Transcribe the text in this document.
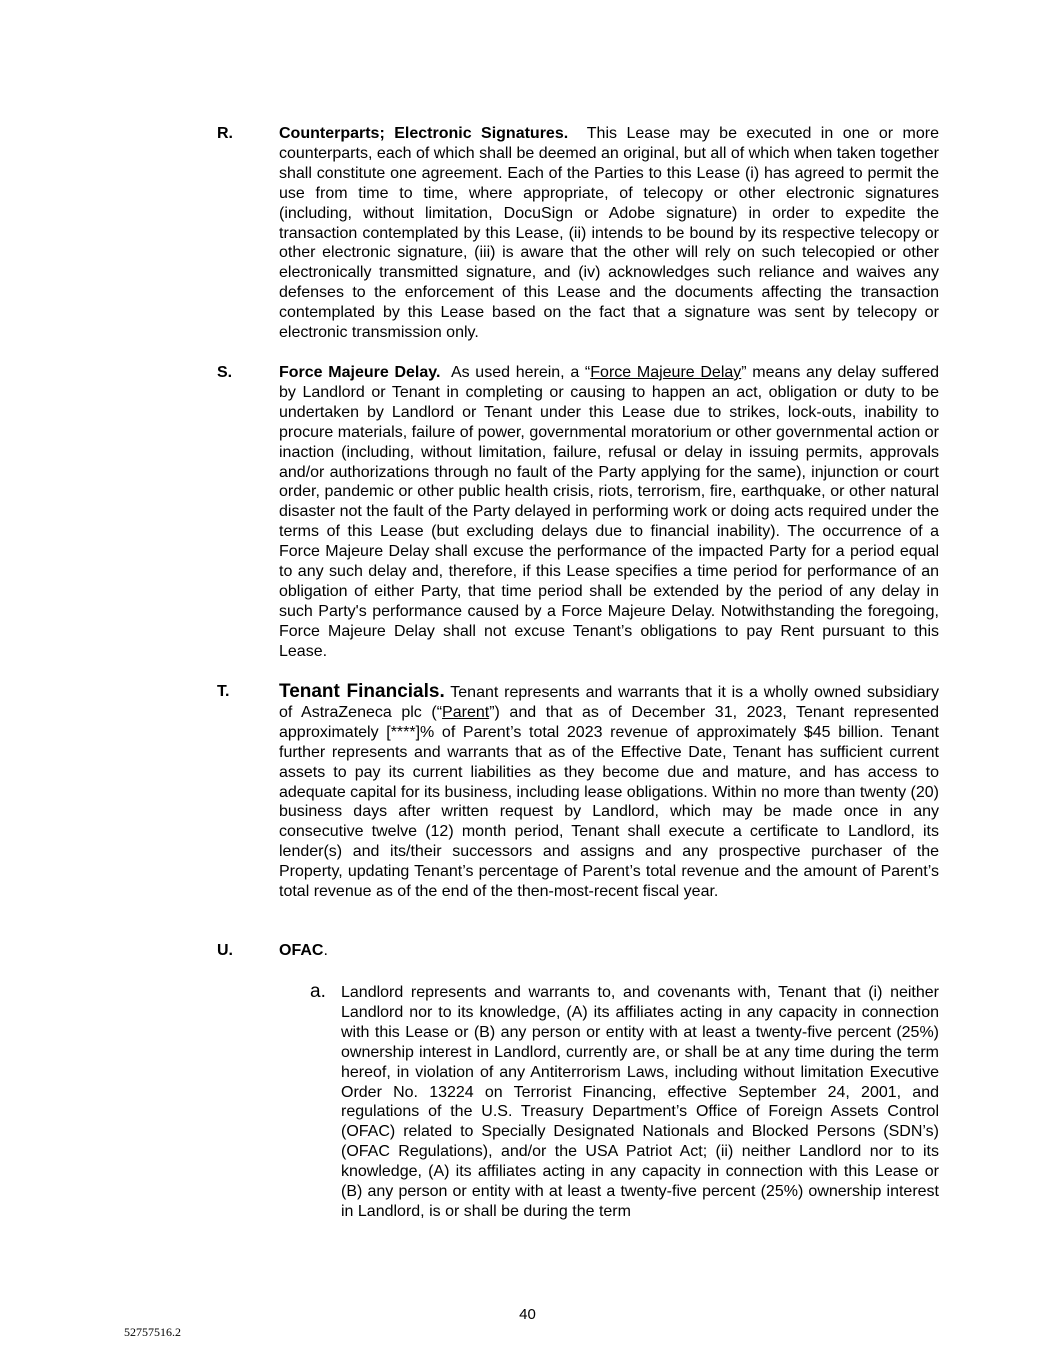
R.	Counterparts; Electronic Signatures. This Lease may be executed in one or more counterparts, each of which shall be deemed an original, but all of which when taken together shall constitute one agreement. Each of the Parties to this Lease (i) has agreed to permit the use from time to time, where appropriate, of telecopy or other electronic signatures (including, without limitation, DocuSign or Adobe signature) in order to expedite the transaction contemplated by this Lease, (ii) intends to be bound by its respective telecopy or other electronic signature, (iii) is aware that the other will rely on such telecopied or other electronically transmitted signature, and (iv) acknowledges such reliance and waives any defenses to the enforcement of this Lease and the documents affecting the transaction contemplated by this Lease based on the fact that a signature was sent by telecopy or electronic transmission only.
S.	Force Majeure Delay. As used herein, a “Force Majeure Delay” means any delay suffered by Landlord or Tenant in completing or causing to happen an act, obligation or duty to be undertaken by Landlord or Tenant under this Lease due to strikes, lock-outs, inability to procure materials, failure of power, governmental moratorium or other governmental action or inaction (including, without limitation, failure, refusal or delay in issuing permits, approvals and/or authorizations through no fault of the Party applying for the same), injunction or court order, pandemic or other public health crisis, riots, terrorism, fire, earthquake, or other natural disaster not the fault of the Party delayed in performing work or doing acts required under the terms of this Lease (but excluding delays due to financial inability). The occurrence of a Force Majeure Delay shall excuse the performance of the impacted Party for a period equal to any such delay and, therefore, if this Lease specifies a time period for performance of an obligation of either Party, that time period shall be extended by the period of any delay in such Party's performance caused by a Force Majeure Delay. Notwithstanding the foregoing, Force Majeure Delay shall not excuse Tenant’s obligations to pay Rent pursuant to this Lease.
T.	Tenant Financials. Tenant represents and warrants that it is a wholly owned subsidiary of AstraZeneca plc (“Parent”) and that as of December 31, 2023, Tenant represented approximately [****]% of Parent’s total 2023 revenue of approximately $45 billion. Tenant further represents and warrants that as of the Effective Date, Tenant has sufficient current assets to pay its current liabilities as they become due and mature, and has access to adequate capital for its business, including lease obligations. Within no more than twenty (20) business days after written request by Landlord, which may be made once in any consecutive twelve (12) month period, Tenant shall execute a certificate to Landlord, its lender(s) and its/their successors and assigns and any prospective purchaser of the Property, updating Tenant’s percentage of Parent’s total revenue and the amount of Parent’s total revenue as of the end of the then-most-recent fiscal year.
U.	OFAC.
a. Landlord represents and warrants to, and covenants with, Tenant that (i) neither Landlord nor to its knowledge, (A) its affiliates acting in any capacity in connection with this Lease or (B) any person or entity with at least a twenty-five percent (25%) ownership interest in Landlord, currently are, or shall be at any time during the term hereof, in violation of any Antiterrorism Laws, including without limitation Executive Order No. 13224 on Terrorist Financing, effective September 24, 2001, and regulations of the U.S. Treasury Department’s Office of Foreign Assets Control (OFAC) related to Specially Designated Nationals and Blocked Persons (SDN’s) (OFAC Regulations), and/or the USA Patriot Act; (ii) neither Landlord nor to its knowledge, (A) its affiliates acting in any capacity in connection with this Lease or (B) any person or entity with at least a twenty-five percent (25%) ownership interest in Landlord, is or shall be during the term
40
52757516.2
